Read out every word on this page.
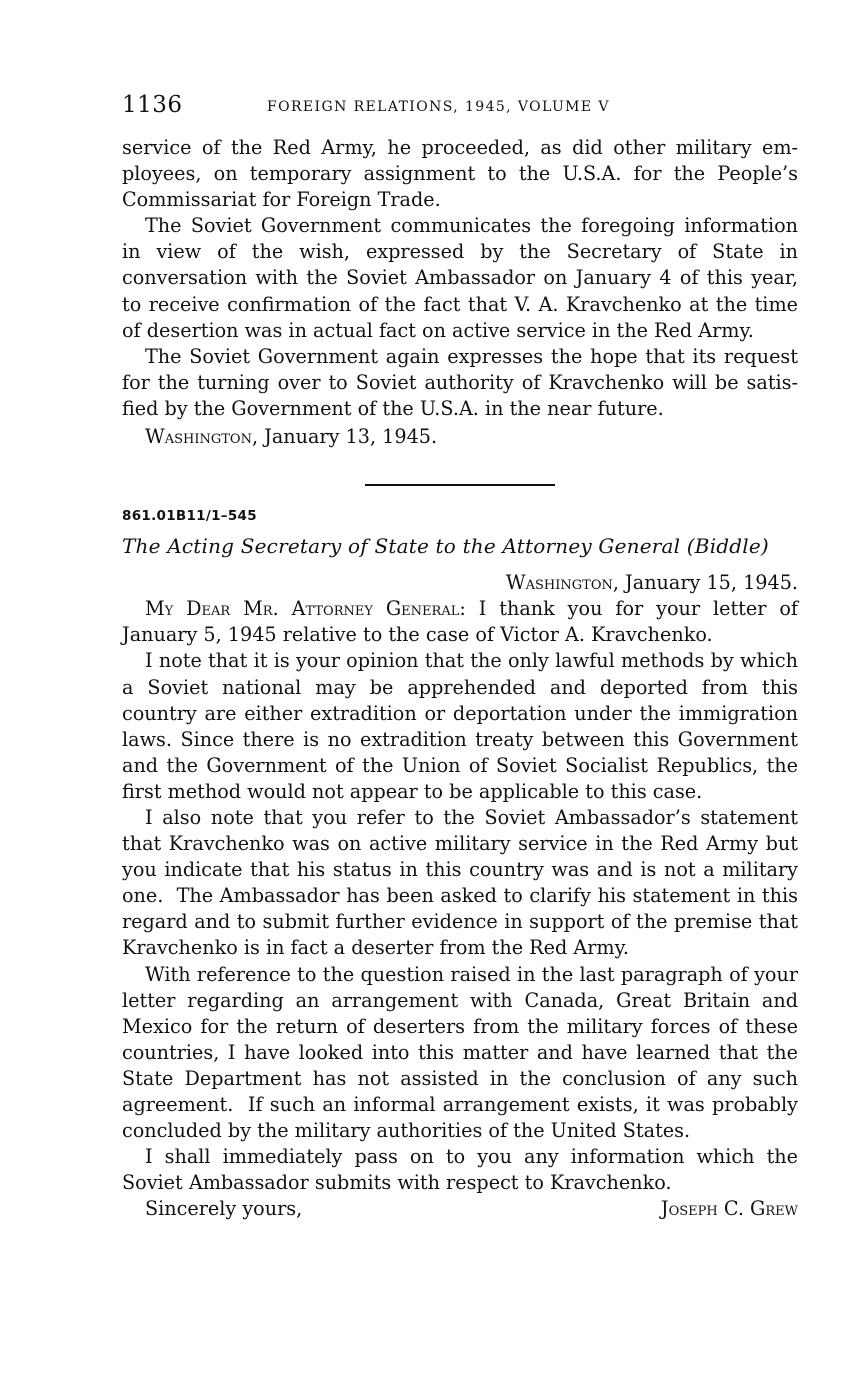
1136	FOREIGN RELATIONS, 1945, VOLUME V

service of the Red Army, he proceeded, as did other military employees, on temporary assignment to the U.S.A. for the People’s Commissariat for Foreign Trade.

The Soviet Government communicates the foregoing information in view of the wish, expressed by the Secretary of State in conversation with the Soviet Ambassador on January 4 of this year, to receive confirmation of the fact that V. A. Kravchenko at the time of desertion was in actual fact on active service in the Red Army.

The Soviet Government again expresses the hope that its request for the turning over to Soviet authority of Kravchenko will be satisfied by the Government of the U.S.A. in the near future.

Washington, January 13, 1945.

861.01B11/1–545
The Acting Secretary of State to the Attorney General (Biddle)
Washington, January 15, 1945.

My Dear Mr. Attorney General: I thank you for your letter of January 5, 1945 relative to the case of Victor A. Kravchenko.

I note that it is your opinion that the only lawful methods by which a Soviet national may be apprehended and deported from this country are either extradition or deportation under the immigration laws. Since there is no extradition treaty between this Government and the Government of the Union of Soviet Socialist Republics, the first method would not appear to be applicable to this case.

I also note that you refer to the Soviet Ambassador’s statement that Kravchenko was on active military service in the Red Army but you indicate that his status in this country was and is not a military one.  The Ambassador has been asked to clarify his statement in this regard and to submit further evidence in support of the premise that Kravchenko is in fact a deserter from the Red Army.

With reference to the question raised in the last paragraph of your letter regarding an arrangement with Canada, Great Britain and Mexico for the return of deserters from the military forces of these countries, I have looked into this matter and have learned that the State Department has not assisted in the conclusion of any such agreement.  If such an informal arrangement exists, it was probably concluded by the military authorities of the United States.

I shall immediately pass on to you any information which the Soviet Ambassador submits with respect to Kravchenko.

Sincerely yours,	Joseph C. Grew
